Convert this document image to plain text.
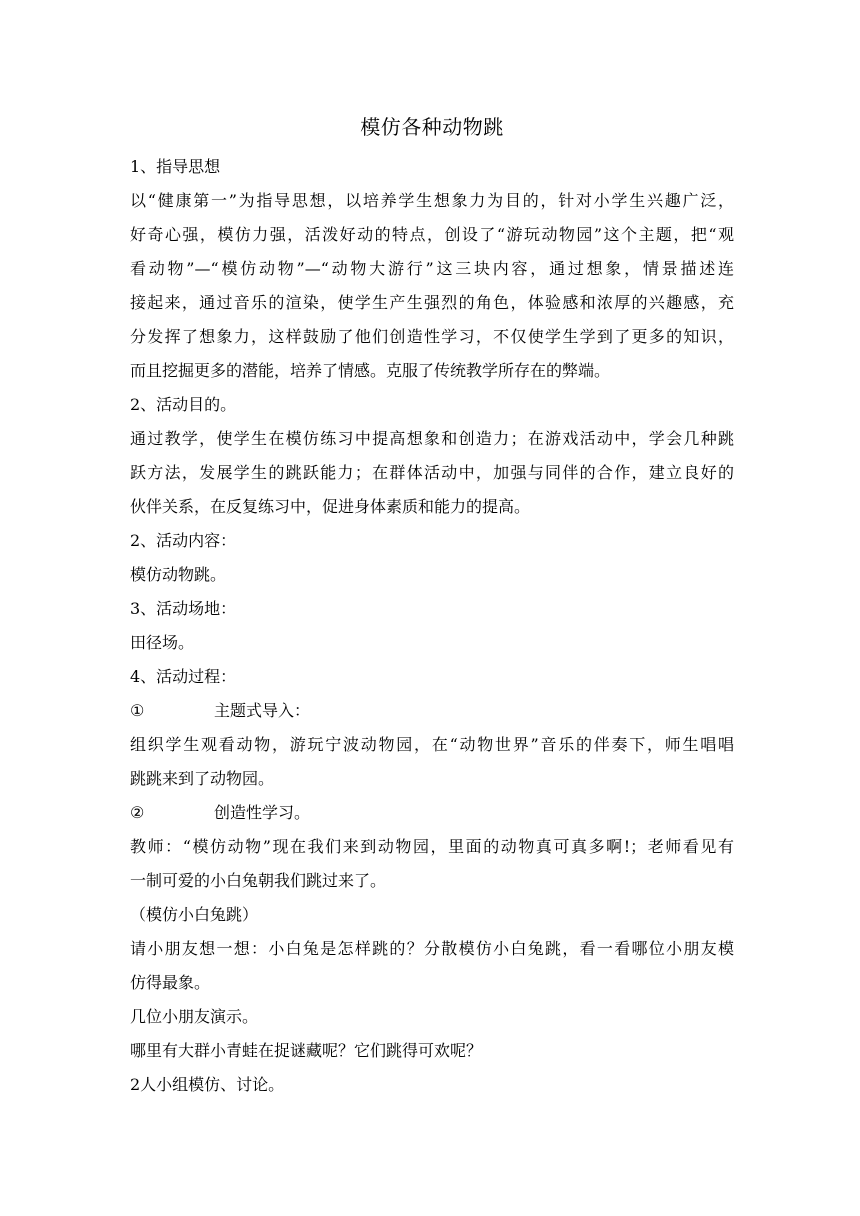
模仿各种动物跳

1、指导思想

以“健康第一”为指导思想，以培养学生想象力为目的，针对小学生兴趣广泛，

好奇心强，模仿力强，活泼好动的特点，创设了“游玩动物园”这个主题，把“观

看动物”—“模仿动物”—“动物大游行”这三块内容，通过想象，情景描述连

接起来，通过音乐的渲染，使学生产生强烈的角色，体验感和浓厚的兴趣感，充

分发挥了想象力，这样鼓励了他们创造性学习，不仅使学生学到了更多的知识，

而且挖掘更多的潜能，培养了情感。克服了传统教学所存在的弊端。

2、活动目的。

通过教学，使学生在模仿练习中提高想象和创造力；在游戏活动中，学会几种跳

跃方法，发展学生的跳跃能力；在群体活动中，加强与同伴的合作，建立良好的

伙伴关系，在反复练习中，促进身体素质和能力的提高。

2、活动内容：

模仿动物跳。

3、活动场地：

田径场。

4、活动过程：

①	主题式导入：

组织学生观看动物，游玩宁波动物园，在“动物世界”音乐的伴奏下，师生唱唱

跳跳来到了动物园。

②	创造性学习。

教师：“模仿动物”现在我们来到动物园，里面的动物真可真多啊!；老师看见有

一制可爱的小白兔朝我们跳过来了。

（模仿小白兔跳）

请小朋友想一想：小白兔是怎样跳的？分散模仿小白兔跳，看一看哪位小朋友模

仿得最象。

几位小朋友演示。

哪里有大群小青蛙在捉谜藏呢？它们跳得可欢呢？

2人小组模仿、讨论。
